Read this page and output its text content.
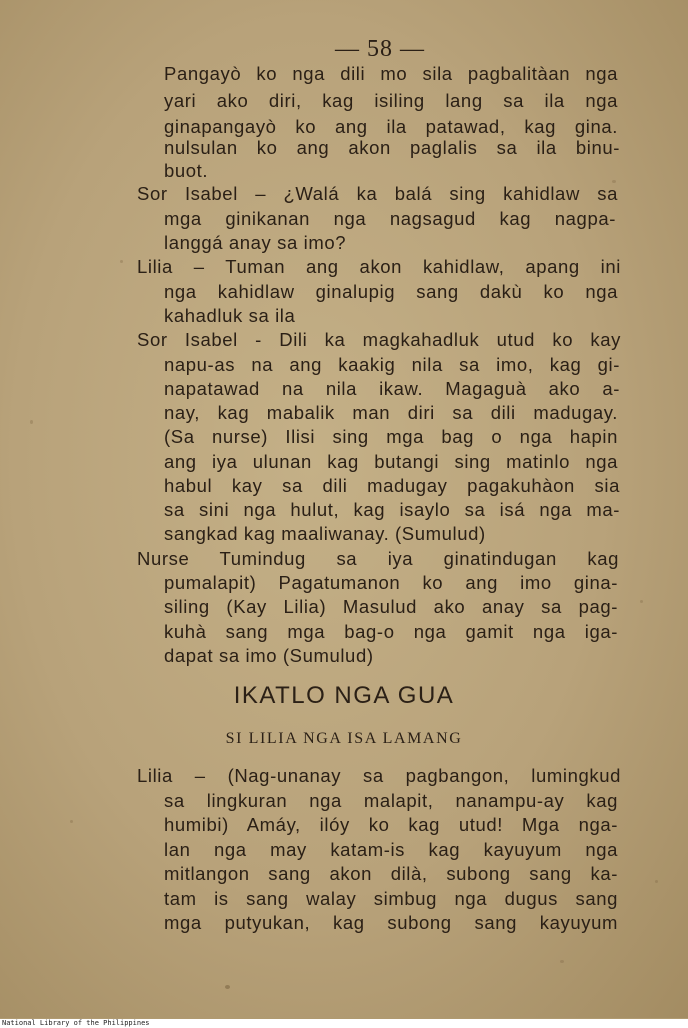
— 58 —
Pangayò ko nga dili mo sila pagbalitàan nga
yari ako diri, kag isiling lang sa ila nga
ginapangayò ko ang ila patawad, kag gina.
nulsulan ko ang akon paglalis sa ila binu-
buot.
Sor Isabel – ¿Walá ka balá sing kahidlaw sa
mga ginikanan nga nagsagud kag nagpa-
langgá anay sa imo?
Lilia – Tuman ang akon kahidlaw, apang ini
nga kahidlaw ginalupig sang dakù ko nga
kahadluk sa ila
Sor Isabel - Dili ka magkahadluk utud ko kay
napu-as na ang kaakig nila sa imo, kag gi-
napatawad na nila ikaw. Magaguà ako a-
nay, kag mabalik man diri sa dili madugay.
(Sa nurse) Ilisi sing mga bag o nga hapin
ang iya ulunan kag butangi sing matinlo nga
habul kay sa dili madugay pagakuhàon sia
sa sini nga hulut, kag isaylo sa isá nga ma-
sangkad kag maaliwanay. (Sumulud)
Nurse Tumindug sa iya ginatindugan kag
pumalapit) Pagatumanon ko ang imo gina-
siling (Kay Lilia) Masulud ako anay sa pag-
kuhà sang mga bag-o nga gamit nga iga-
dapat sa imo (Sumulud)
IKATLO NGA GUA
SI LILIA NGA ISA LAMANG
Lilia – (Nag-unanay sa pagbangon, lumingkud
sa lingkuran nga malapit, nanampu-ay kag
humibi) Amáy, ilóy ko kag utud! Mga nga-
lan nga may katam-is kag kayuyum nga
mitlangon sang akon dilà, subong sang ka-
tam is sang walay simbug nga dugus sang
mga putyukan, kag subong sang kayuyum
National Library of the Philippines
